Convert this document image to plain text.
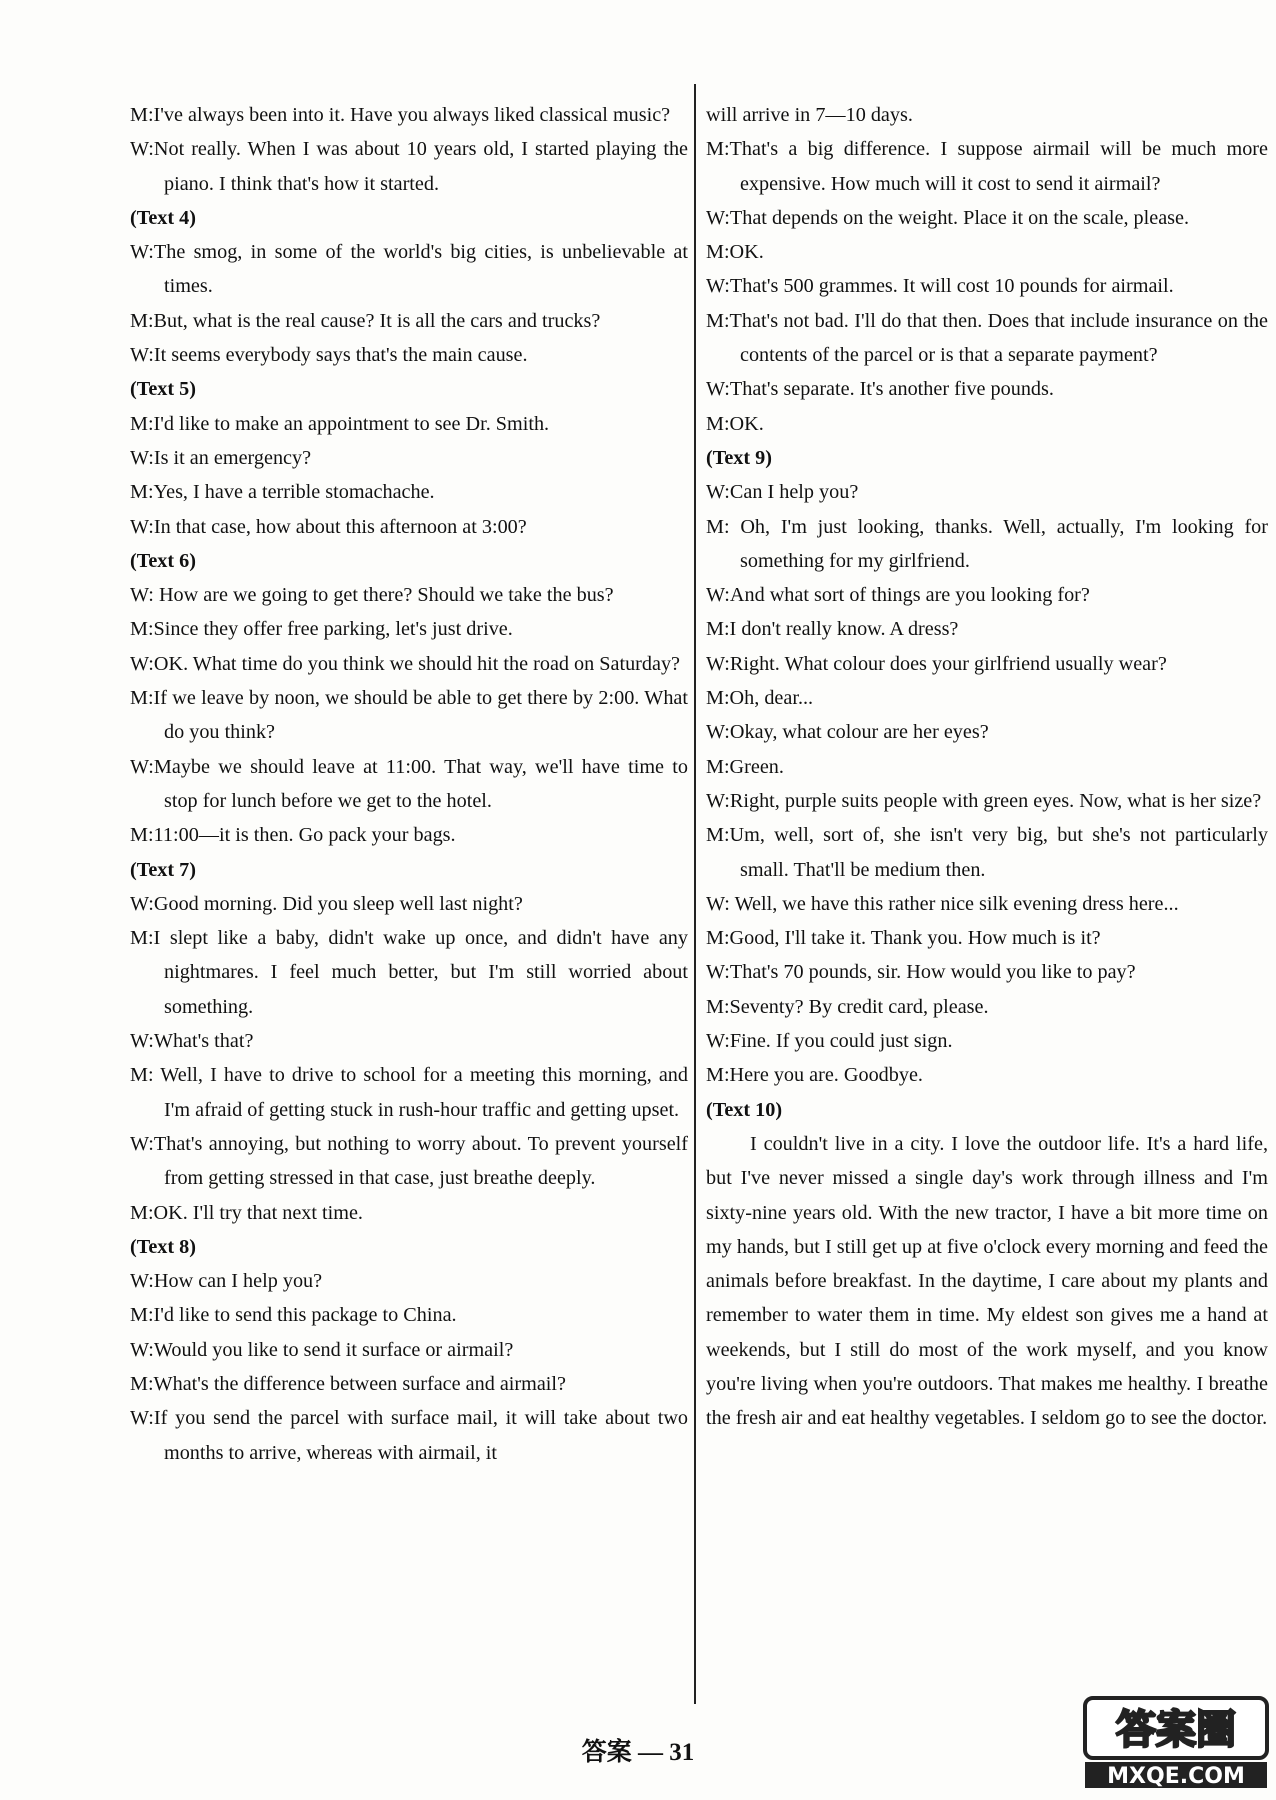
M:I've always been into it. Have you always liked classical music?

W:Not really. When I was about 10 years old, I started playing the piano. I think that's how it started.

(Text 4)

W:The smog, in some of the world's big cities, is unbelievable at times.

M:But, what is the real cause? It is all the cars and trucks?

W:It seems everybody says that's the main cause.

(Text 5)

M:I'd like to make an appointment to see Dr. Smith.

W:Is it an emergency?

M:Yes, I have a terrible stomachache.

W:In that case, how about this afternoon at 3:00?

(Text 6)

W: How are we going to get there? Should we take the bus?

M:Since they offer free parking, let's just drive.

W:OK. What time do you think we should hit the road on Saturday?

M:If we leave by noon, we should be able to get there by 2:00. What do you think?

W:Maybe we should leave at 11:00. That way, we'll have time to stop for lunch before we get to the hotel.

M:11:00—it is then. Go pack your bags.

(Text 7)

W:Good morning. Did you sleep well last night?

M:I slept like a baby, didn't wake up once, and didn't have any nightmares. I feel much better, but I'm still worried about something.

W:What's that?

M: Well, I have to drive to school for a meeting this morning, and I'm afraid of getting stuck in rush-hour traffic and getting upset.

W:That's annoying, but nothing to worry about. To prevent yourself from getting stressed in that case, just breathe deeply.

M:OK. I'll try that next time.

(Text 8)

W:How can I help you?

M:I'd like to send this package to China.

W:Would you like to send it surface or airmail?

M:What's the difference between surface and airmail?

W:If you send the parcel with surface mail, it will take about two months to arrive, whereas with airmail, it

will arrive in 7—10 days.

M:That's a big difference. I suppose airmail will be much more expensive. How much will it cost to send it airmail?

W:That depends on the weight. Place it on the scale, please.

M:OK.

W:That's 500 grammes. It will cost 10 pounds for airmail.

M:That's not bad. I'll do that then. Does that include insurance on the contents of the parcel or is that a separate payment?

W:That's separate. It's another five pounds.

M:OK.

(Text 9)

W:Can I help you?

M: Oh, I'm just looking, thanks. Well, actually, I'm looking for something for my girlfriend.

W:And what sort of things are you looking for?

M:I don't really know. A dress?

W:Right. What colour does your girlfriend usually wear?

M:Oh, dear...

W:Okay, what colour are her eyes?

M:Green.

W:Right, purple suits people with green eyes. Now, what is her size?

M:Um, well, sort of, she isn't very big, but she's not particularly small. That'll be medium then.

W: Well, we have this rather nice silk evening dress here...

M:Good, I'll take it. Thank you. How much is it?

W:That's 70 pounds, sir. How would you like to pay?

M:Seventy? By credit card, please.

W:Fine. If you could just sign.

M:Here you are. Goodbye.

(Text 10)

I couldn't live in a city. I love the outdoor life. It's a hard life, but I've never missed a single day's work through illness and I'm sixty-nine years old. With the new tractor, I have a bit more time on my hands, but I still get up at five o'clock every morning and feed the animals before breakfast. In the daytime, I care about my plants and remember to water them in time. My eldest son gives me a hand at weekends, but I still do most of the work myself, and you know you're living when you're outdoors. That makes me healthy. I breathe the fresh air and eat healthy vegetables. I seldom go to see the doctor.

答案 — 31	答案圈
MXQE.COM
